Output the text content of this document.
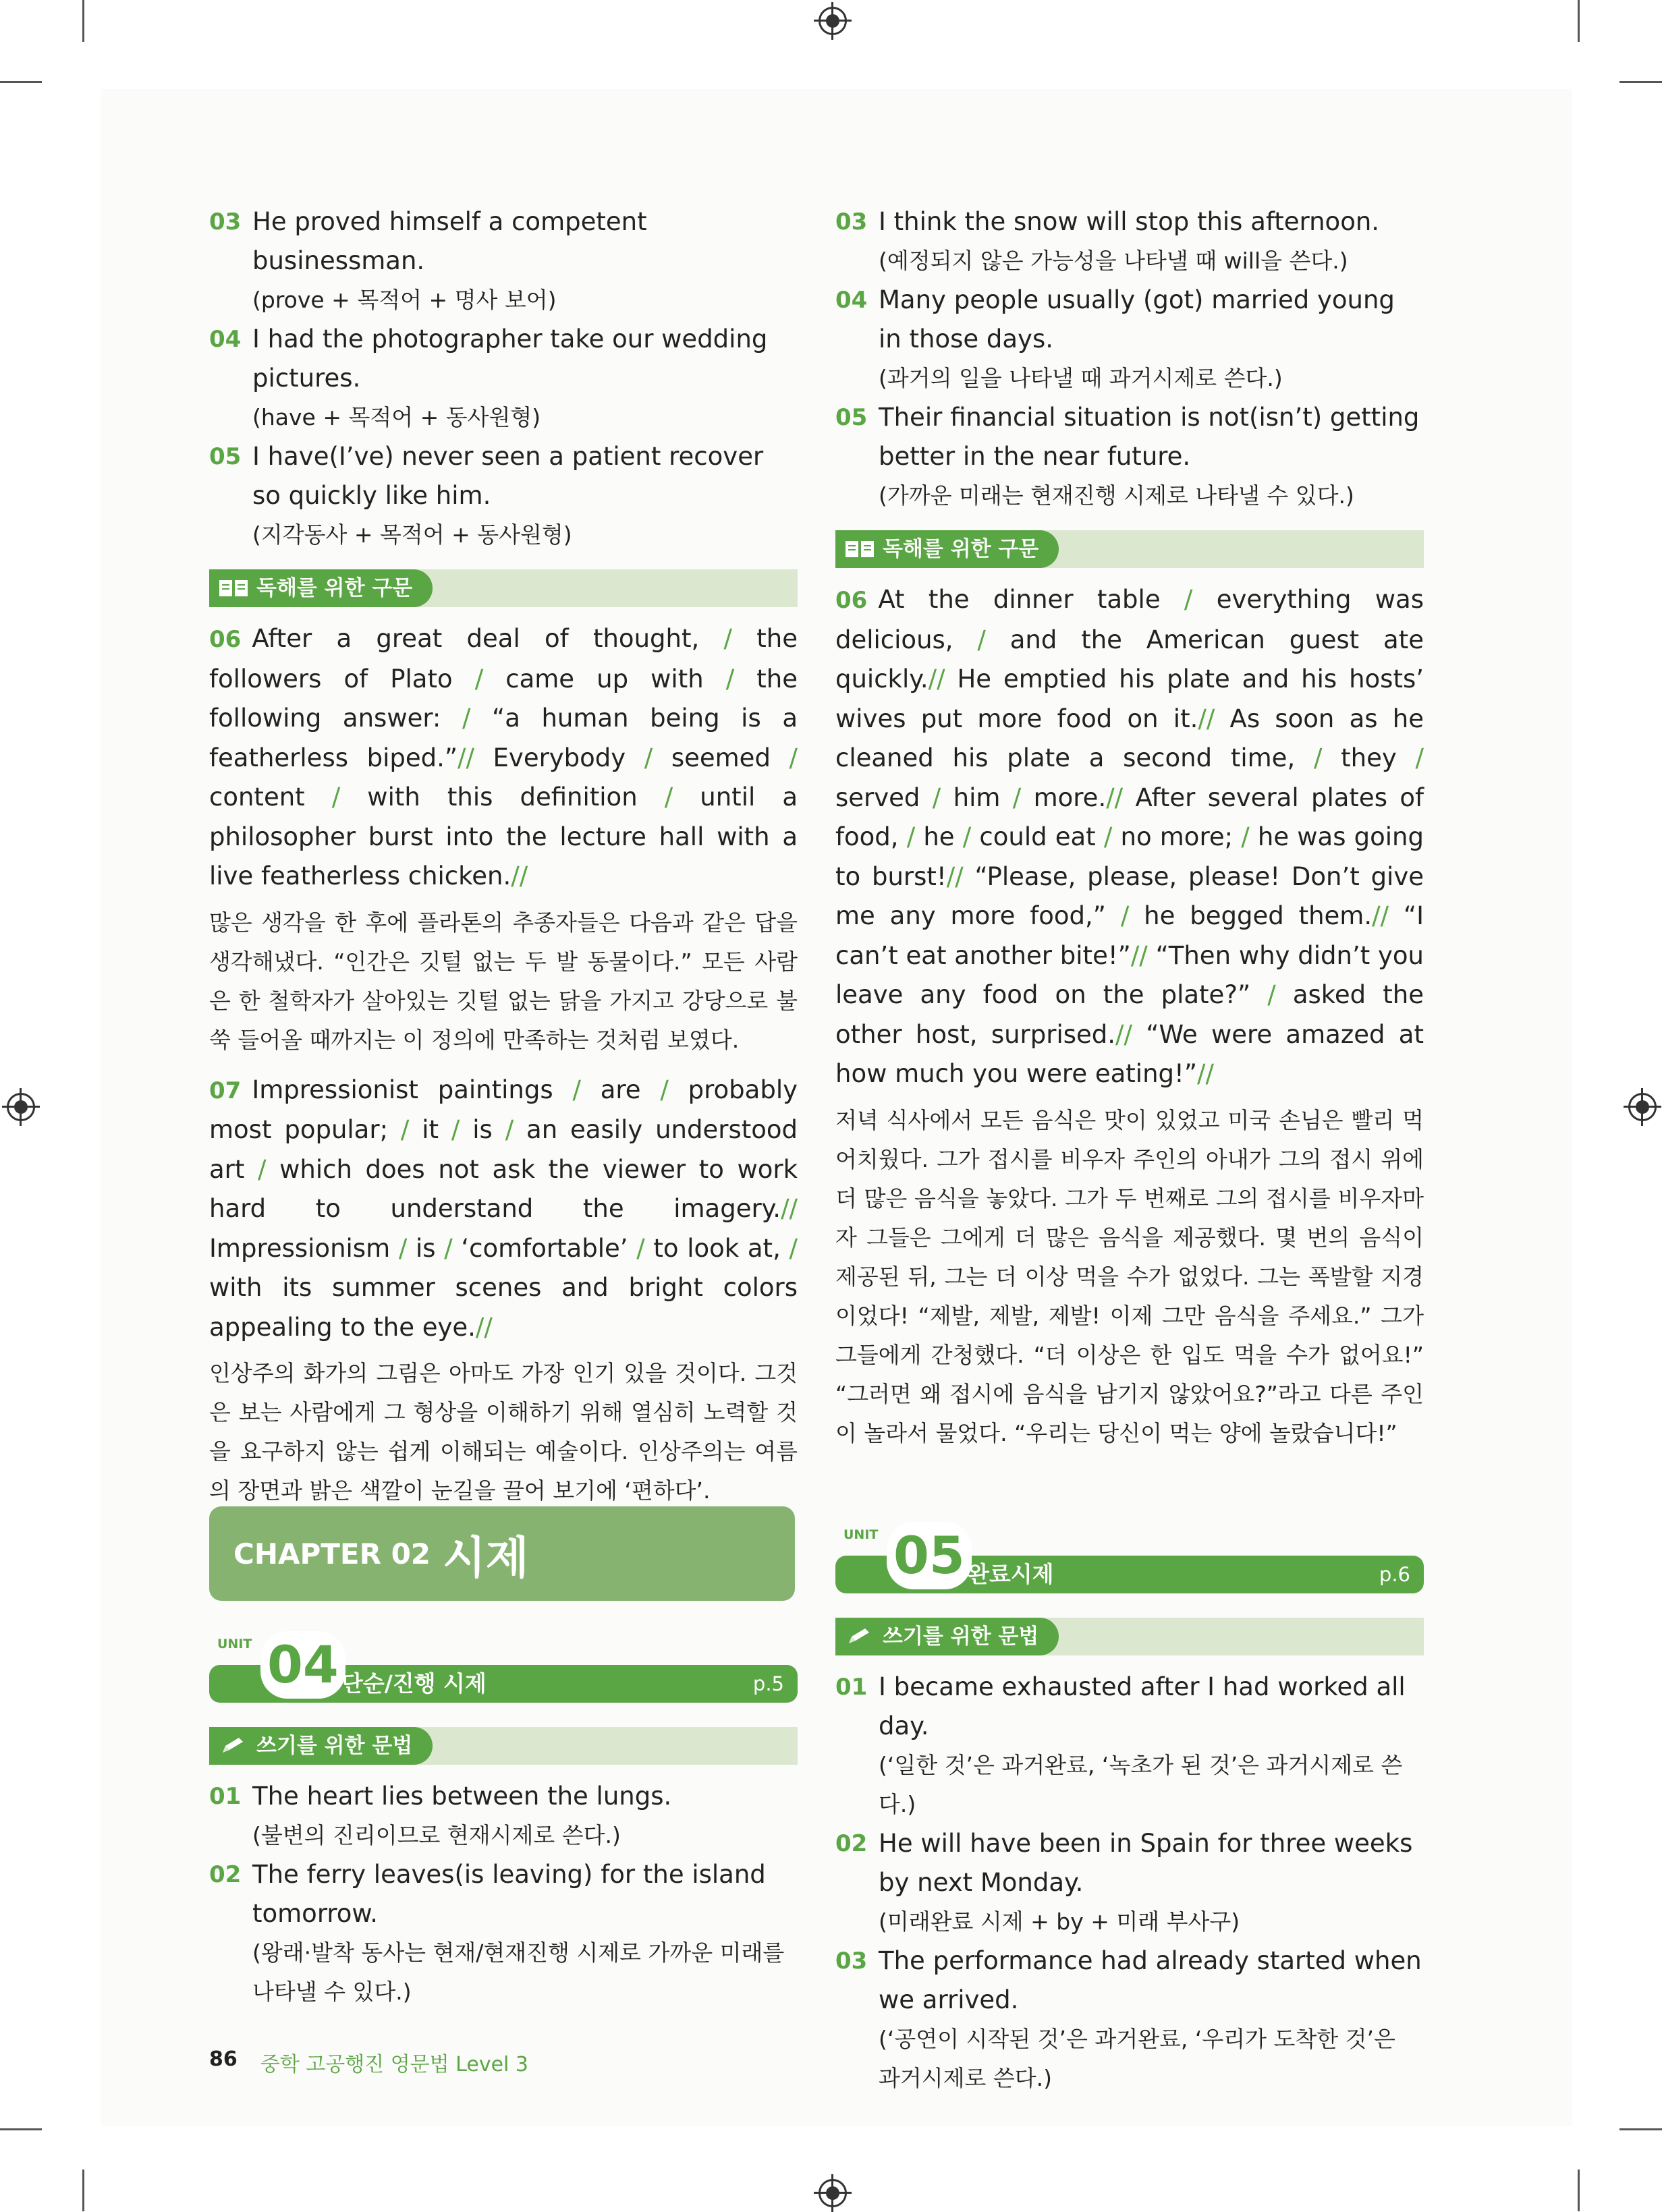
03 He proved himself a competent businessman.
(prove + 목적어 + 명사 보어)
04 I had the photographer take our wedding pictures.
(have + 목적어 + 동사원형)
05 I have(I’ve) never seen a patient recover so quickly like him.
(지각동사 + 목적어 + 동사원형)
독해를 위한 구문

06 After a great deal of thought, / the followers of Plato / came up with / the following answer: / “a human being is a featherless biped.”// Everybody / seemed / content / with this definition / until a philosopher burst into the lecture hall with a live featherless chicken.//

많은 생각을 한 후에 플라톤의 추종자들은 다음과 같은 답을 생각해냈다. “인간은 깃털 없는 두 발 동물이다.” 모든 사람은 한 철학자가 살아있는 깃털 없는 닭을 가지고 강당으로 불쑥 들어올 때까지는 이 정의에 만족하는 것처럼 보였다.

07 Impressionist paintings / are / probably most popular; / it / is / an easily understood art / which does not ask the viewer to work hard to understand the imagery.// Impressionism / is / ‘comfortable’ / to look at, / with its summer scenes and bright colors appealing to the eye.//

인상주의 화가의 그림은 아마도 가장 인기 있을 것이다. 그것은 보는 사람에게 그 형상을 이해하기 위해 열심히 노력할 것을 요구하지 않는 쉽게 이해되는 예술이다. 인상주의는 여름의 장면과 밝은 색깔이 눈길을 끌어 보기에 ‘편하다’.

03 I think the snow will stop this afternoon.
(예정되지 않은 가능성을 나타낼 때 will을 쓴다.)
04 Many people usually (got) married young in those days.
(과거의 일을 나타낼 때 과거시제로 쓴다.)
05 Their financial situation is not(isn’t) getting better in the near future.
(가까운 미래는 현재진행 시제로 나타낼 수 있다.)
독해를 위한 구문

06 At the dinner table / everything was delicious, / and the American guest ate quickly.// He emptied his plate and his hosts’ wives put more food on it.// As soon as he cleaned his plate a second time, / they / served / him / more.// After several plates of food, / he / could eat / no more; / he was going to burst!// “Please, please, please! Don’t give me any more food,” / he begged them.// “I can’t eat another bite!”// “Then why didn’t you leave any food on the plate?” / asked the other host, surprised.// “We were amazed at how much you were eating!”//

저녁 식사에서 모든 음식은 맛이 있었고 미국 손님은 빨리 먹어치웠다. 그가 접시를 비우자 주인의 아내가 그의 접시 위에 더 많은 음식을 놓았다. 그가 두 번째로 그의 접시를 비우자마자 그들은 그에게 더 많은 음식을 제공했다. 몇 번의 음식이 제공된 뒤, 그는 더 이상 먹을 수가 없었다. 그는 폭발할 지경이었다! “제발, 제발, 제발! 이제 그만 음식을 주세요.” 그가 그들에게 간청했다. “더 이상은 한 입도 먹을 수가 없어요!” “그러면 왜 접시에 음식을 남기지 않았어요?”라고 다른 주인이 놀라서 물었다. “우리는 당신이 먹는 양에 놀랐습니다!”

CHAPTER 02 시제
UNIT 04 단순/진행 시제	p.5
UNIT 05 완료시제	p.6
쓰기를 위한 문법
01 The heart lies between the lungs.
(불변의 진리이므로 현재시제로 쓴다.)
02 The ferry leaves(is leaving) for the island tomorrow.
(왕래·발착 동사는 현재/현재진행 시제로 가까운 미래를 나타낼 수 있다.)
쓰기를 위한 문법
01 I became exhausted after I had worked all day.
(‘일한 것’은 과거완료, ‘녹초가 된 것’은 과거시제로 쓴다.)
02 He will have been in Spain for three weeks by next Monday.
(미래완료 시제 + by + 미래 부사구)
03 The performance had already started when we arrived.
(‘공연이 시작된 것’은 과거완료, ‘우리가 도착한 것’은 과거시제로 쓴다.)
86 중학 고공행진 영문법 Level 3
